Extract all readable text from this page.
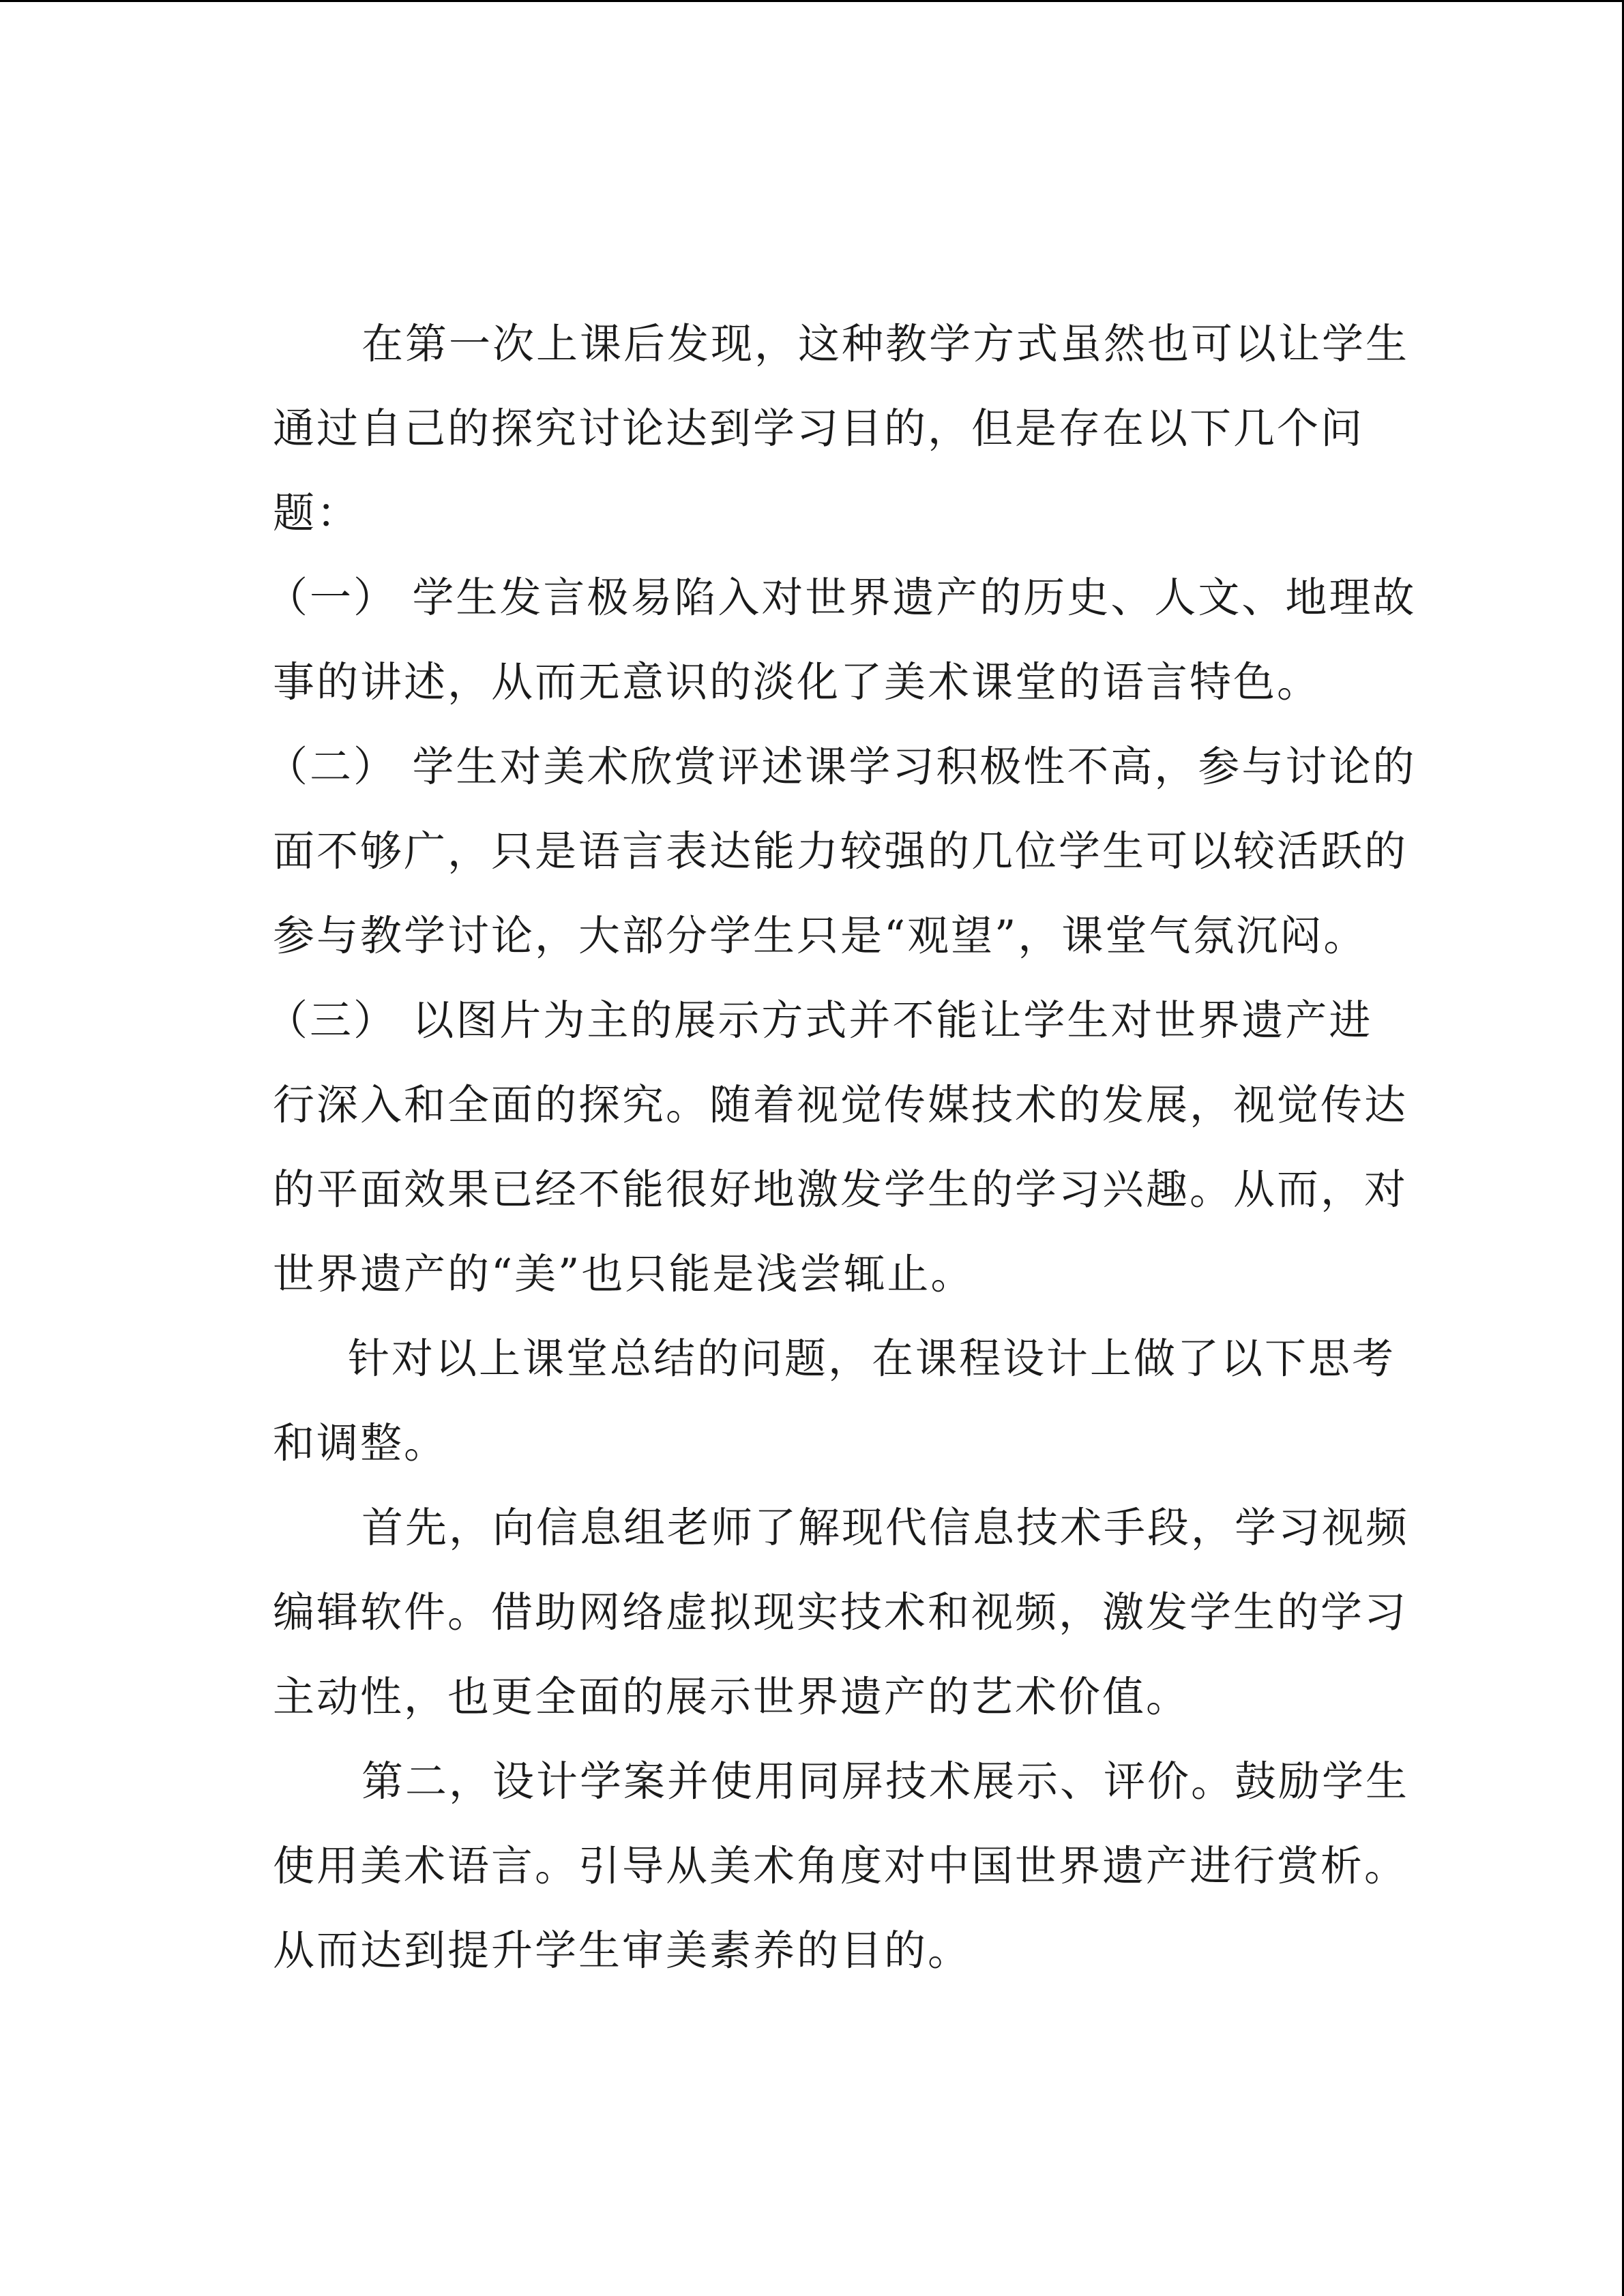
在第一次上课后发现，这种教学方式虽然也可以让学生
通过自己的探究讨论达到学习目的，但是存在以下几个问
题：
（一） 学生发言极易陷入对世界遗产的历史、人文、地理故
事的讲述，从而无意识的淡化了美术课堂的语言特色。
（二） 学生对美术欣赏评述课学习积极性不高，参与讨论的
面不够广，只是语言表达能力较强的几位学生可以较活跃的
参与教学讨论，大部分学生只是“观望”，课堂气氛沉闷。
（三） 以图片为主的展示方式并不能让学生对世界遗产进
行深入和全面的探究。随着视觉传媒技术的发展，视觉传达
的平面效果已经不能很好地激发学生的学习兴趣。从而，对
世界遗产的“美”也只能是浅尝辄止。
针对以上课堂总结的问题，在课程设计上做了以下思考
和调整。
首先，向信息组老师了解现代信息技术手段，学习视频
编辑软件。借助网络虚拟现实技术和视频，激发学生的学习
主动性，也更全面的展示世界遗产的艺术价值。
第二，设计学案并使用同屏技术展示、评价。鼓励学生
使用美术语言。引导从美术角度对中国世界遗产进行赏析。
从而达到提升学生审美素养的目的。
